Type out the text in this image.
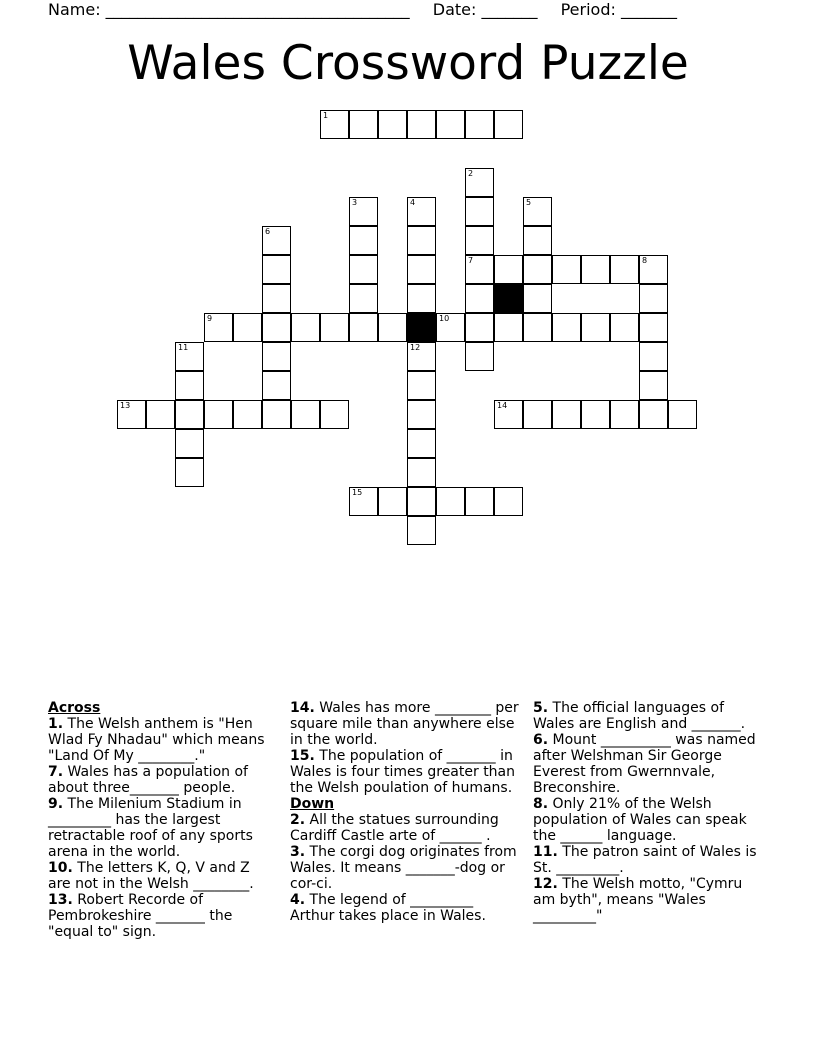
Name: ______________________________________ Date: _______ Period: _______
Wales Crossword Puzzle
1
2
7
3	4
12
5
6
8
9	10
11
13	14
15
Across
1. The Welsh anthem is "Hen Wlad Fy Nhadau" which means "Land Of My ________."
7. Wales has a population of about three_______ people.
9. The Milenium Stadium in _________ has the largest retractable roof of any sports arena in the world.
10. The letters K, Q, V and Z are not in the Welsh ________.
13. Robert Recorde of Pembrokeshire _______ the "equal to" sign.
14. Wales has more ________ per square mile than anywhere else in the world.
15. The population of _______ in Wales is four times greater than the Welsh poulation of humans.
Down
2. All the statues surrounding Cardiff Castle arte of ______ .
3. The corgi dog originates from Wales. It means _______-dog or cor-ci.
4. The legend of _________ Arthur takes place in Wales.
5. The official languages of Wales are English and _______.
6. Mount __________ was named after Welshman Sir George Everest from Gwernnvale, Breconshire.
8. Only 21% of the Welsh population of Wales can speak the ______ language.
11. The patron saint of Wales is St. _________.
12. The Welsh motto, "Cymru am byth", means "Wales _________"
